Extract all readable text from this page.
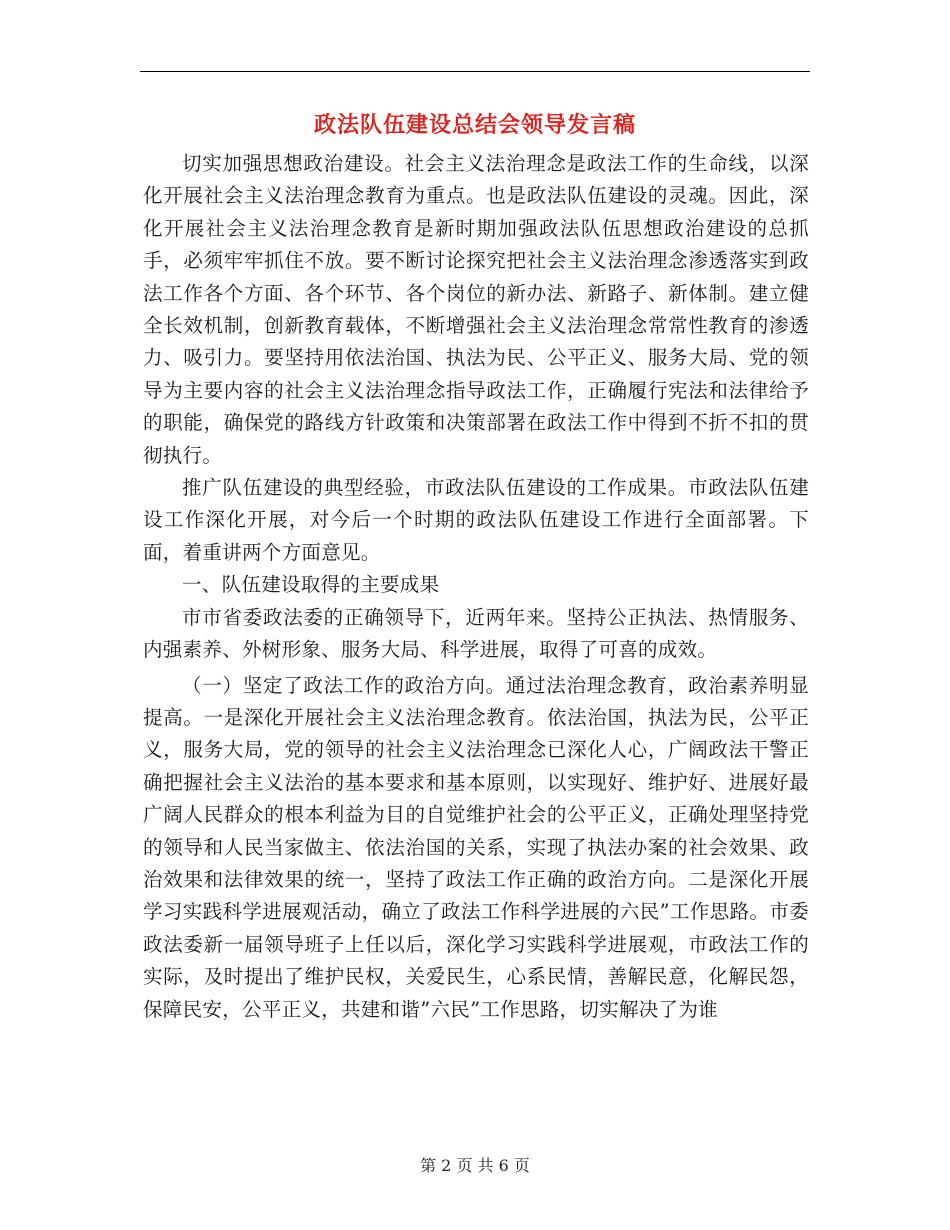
政法队伍建设总结会领导发言稿

切实加强思想政治建设。社会主义法治理念是政法工作的生命线，以深化开展社会主义法治理念教育为重点。也是政法队伍建设的灵魂。因此，深化开展社会主义法治理念教育是新时期加强政法队伍思想政治建设的总抓手，必须牢牢抓住不放。要不断讨论探究把社会主义法治理念渗透落实到政法工作各个方面、各个环节、各个岗位的新办法、新路子、新体制。建立健全长效机制，创新教育载体，不断增强社会主义法治理念常常性教育的渗透力、吸引力。要坚持用依法治国、执法为民、公平正义、服务大局、党的领导为主要内容的社会主义法治理念指导政法工作，正确履行宪法和法律给予的职能，确保党的路线方针政策和决策部署在政法工作中得到不折不扣的贯彻执行。

推广队伍建设的典型经验，市政法队伍建设的工作成果。市政法队伍建设工作深化开展，对今后一个时期的政法队伍建设工作进行全面部署。下面，着重讲两个方面意见。

一、队伍建设取得的主要成果

市市省委政法委的正确领导下，近两年来。坚持公正执法、热情服务、内强素养、外树形象、服务大局、科学进展，取得了可喜的成效。

（一）坚定了政法工作的政治方向。通过法治理念教育，政治素养明显提高。一是深化开展社会主义法治理念教育。依法治国，执法为民，公平正义，服务大局，党的领导的社会主义法治理念已深化人心，广阔政法干警正确把握社会主义法治的基本要求和基本原则，以实现好、维护好、进展好最广阔人民群众的根本利益为目的自觉维护社会的公平正义，正确处理坚持党的领导和人民当家做主、依法治国的关系，实现了执法办案的社会效果、政治效果和法律效果的统一，坚持了政法工作正确的政治方向。二是深化开展学习实践科学进展观活动，确立了政法工作科学进展的六民”工作思路。市委政法委新一届领导班子上任以后，深化学习实践科学进展观，市政法工作的实际，及时提出了维护民权，关爱民生，心系民情，善解民意，化解民怨，保障民安，公平正义，共建和谐”六民”工作思路，切实解决了为谁

第 2 页 共 6 页
